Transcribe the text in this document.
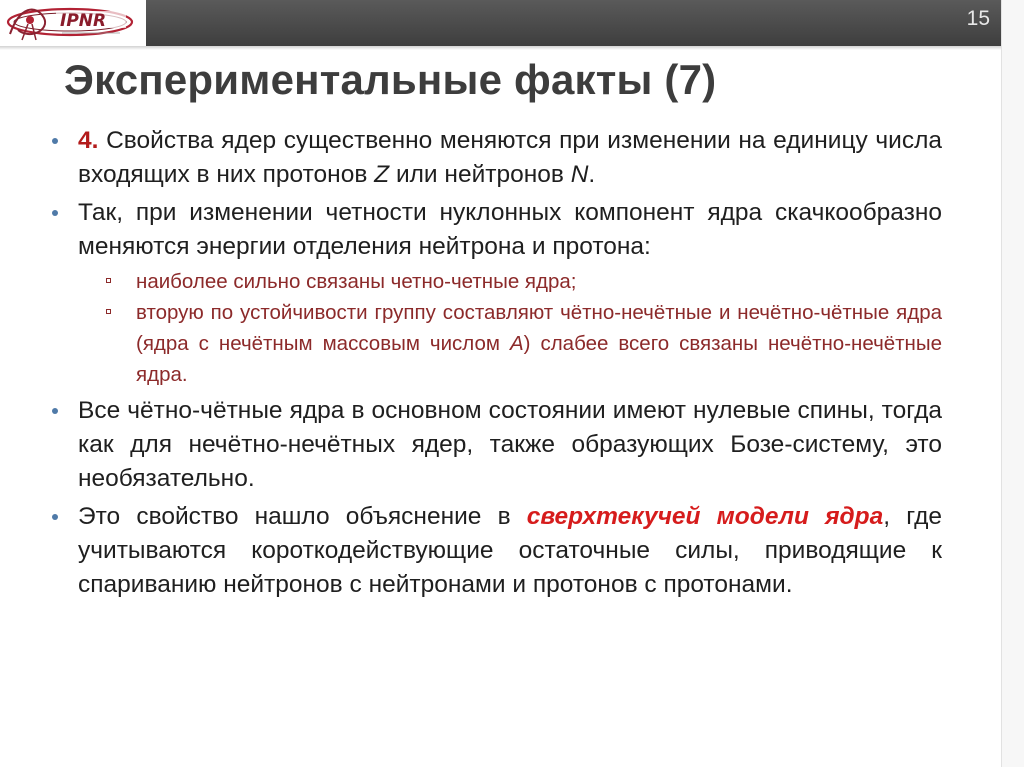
IPNR	15
Экспериментальные факты (7)
4. Свойства ядер существенно меняются при изменении на единицу числа входящих в них протонов Z или нейтронов N.
Так, при изменении четности нуклонных компонент ядра скачкообразно меняются энергии отделения нейтрона и протона:
наиболее сильно связаны четно-четные ядра;
вторую по устойчивости группу составляют чётно-нечётные и нечётно-чётные ядра (ядра с нечётным массовым числом A) слабее всего связаны нечётно-нечётные ядра.
Все чётно-чётные ядра в основном состоянии имеют нулевые спины, тогда как для нечётно-нечётных ядер, также образующих Бозе-систему, это необязательно.
Это свойство нашло объяснение в сверхтекучей модели ядра, где учитываются короткодействующие остаточные силы, приводящие к спариванию нейтронов с нейтронами и протонов с протонами.
